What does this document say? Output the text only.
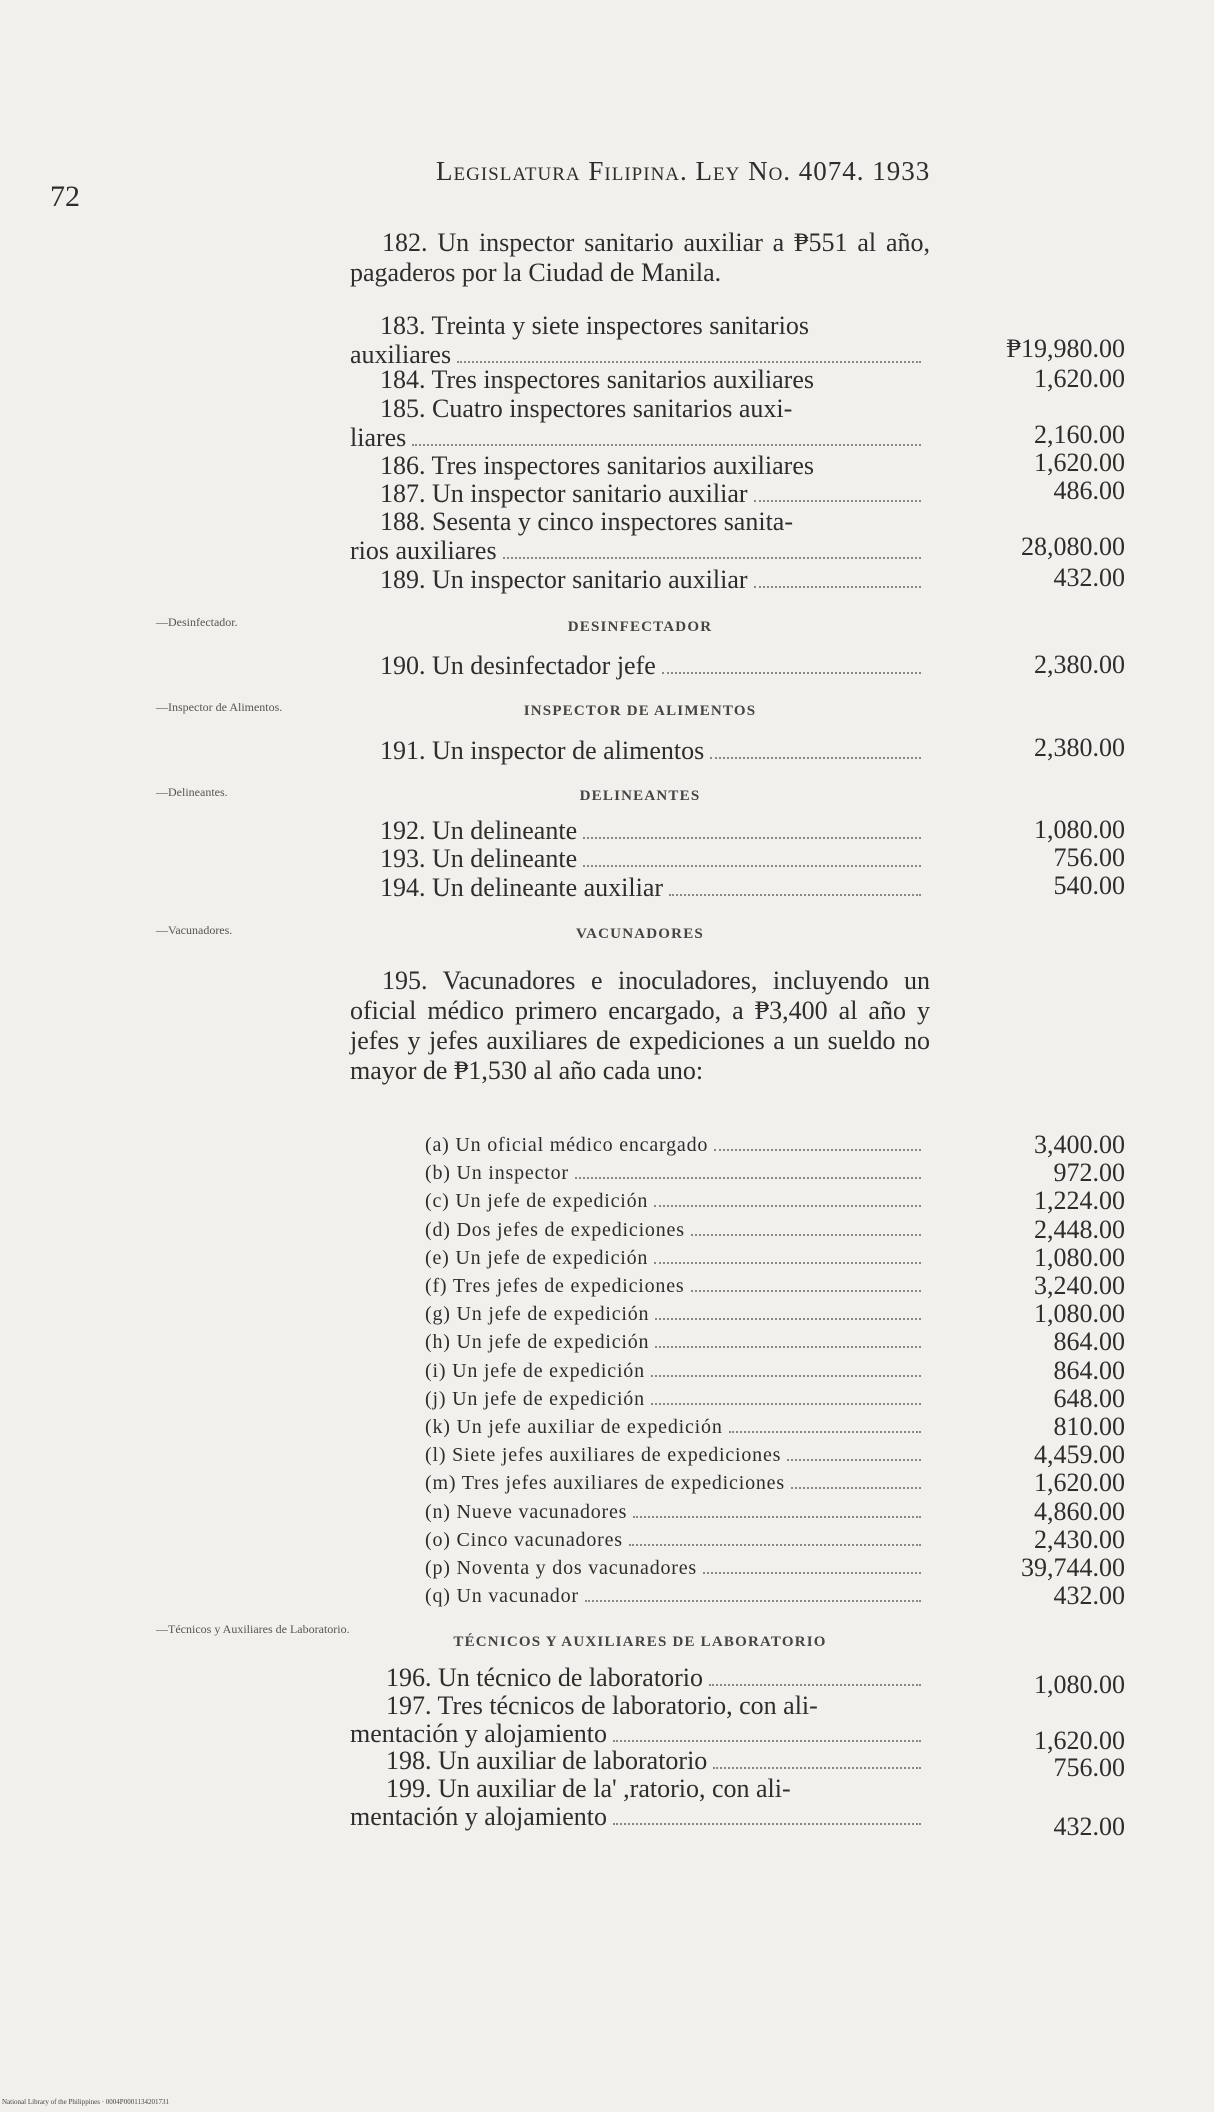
72
Legislatura Filipina. Ley No. 4074. 1933
182. Un inspector sanitario auxiliar a ₱551 al año, pagaderos por la Ciudad de Manila.
183. Treinta y siete inspectores sanitarios
auxiliares	₱19,980.00
184. Tres inspectores sanitarios auxiliares	1,620.00
185. Cuatro inspectores sanitarios auxi-
liares	2,160.00
186. Tres inspectores sanitarios auxiliares	1,620.00
187. Un inspector sanitario auxiliar	486.00
188. Sesenta y cinco inspectores sanita-
rios auxiliares	28,080.00
189. Un inspector sanitario auxiliar	432.00
—Desinfectador.	DESINFECTADOR
190. Un desinfectador jefe	2,380.00
—Inspector de Alimentos.	INSPECTOR DE ALIMENTOS
191. Un inspector de alimentos	2,380.00
—Delineantes.	DELINEANTES
192. Un delineante	1,080.00
193. Un delineante	756.00
194. Un delineante auxiliar	540.00
—Vacunadores.	VACUNADORES
195. Vacunadores e inoculadores, incluyendo un oficial médico primero encargado, a ₱3,400 al año y jefes y jefes auxiliares de expediciones a un sueldo no mayor de ₱1,530 al año cada uno:
(a) Un oficial médico encargado	3,400.00
(b) Un inspector	972.00
(c) Un jefe de expedición	1,224.00
(d) Dos jefes de expediciones	2,448.00
(e) Un jefe de expedición	1,080.00
(f) Tres jefes de expediciones	3,240.00
(g) Un jefe de expedición	1,080.00
(h) Un jefe de expedición	864.00
(i) Un jefe de expedición	864.00
(j) Un jefe de expedición	648.00
(k) Un jefe auxiliar de expedición	810.00
(l) Siete jefes auxiliares de expediciones	4,459.00
(m) Tres jefes auxiliares de expediciones	1,620.00
(n) Nueve vacunadores	4,860.00
(o) Cinco vacunadores	2,430.00
(p) Noventa y dos vacunadores	39,744.00
(q) Un vacunador	432.00
—Técnicos y Auxiliares de Laboratorio.
TÉCNICOS Y AUXILIARES DE LABORATORIO
196. Un técnico de laboratorio	1,080.00
197. Tres técnicos de laboratorio, con ali-
mentación y alojamiento	1,620.00
198. Un auxiliar de laboratorio	756.00
199. Un auxiliar de la' ,ratorio, con ali-
mentación y alojamiento	432.00
National Library of the Philippines · 0004P0001134201731
